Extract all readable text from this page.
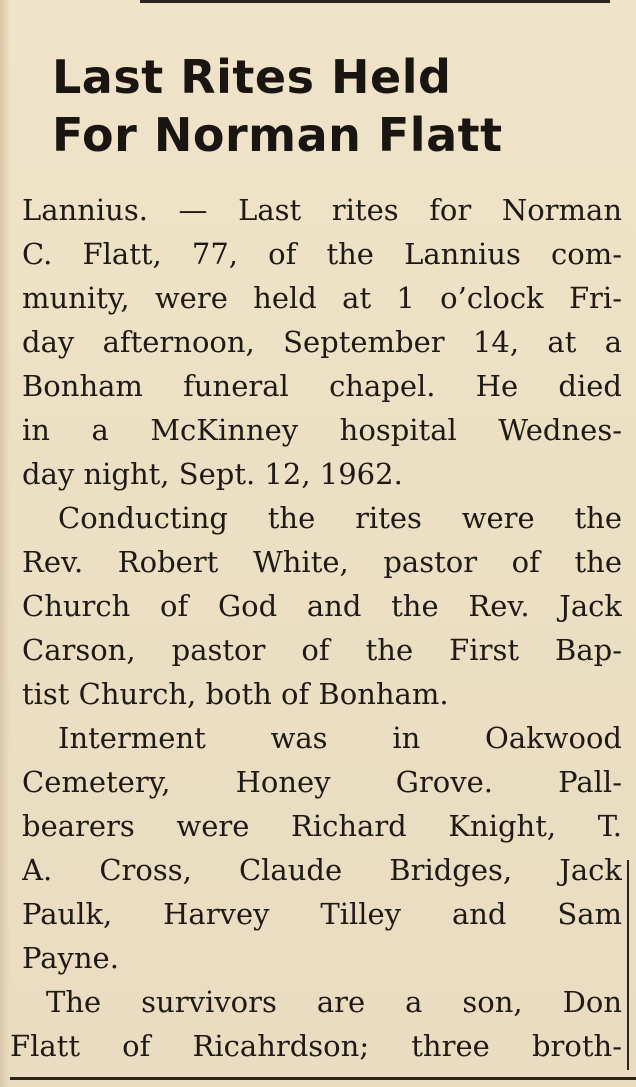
Last Rites Held
For Norman Flatt

Lannius. — Last rites for Norman
C. Flatt, 77, of the Lannius com-
munity, were held at 1 o’clock Fri-
day afternoon, September 14, at a
Bonham funeral chapel. He died
in a McKinney hospital Wednes-
day night, Sept. 12, 1962.

Conducting the rites were the
Rev. Robert White, pastor of the
Church of God and the Rev. Jack
Carson, pastor of the First Bap-
tist Church, both of Bonham.

Interment was in Oakwood
Cemetery, Honey Grove. Pall-
bearers were Richard Knight, T.
A. Cross, Claude Bridges, Jack
Paulk, Harvey Tilley and Sam
Payne.

The survivors are a son, Don
Flatt of Ricahrdson; three broth-
